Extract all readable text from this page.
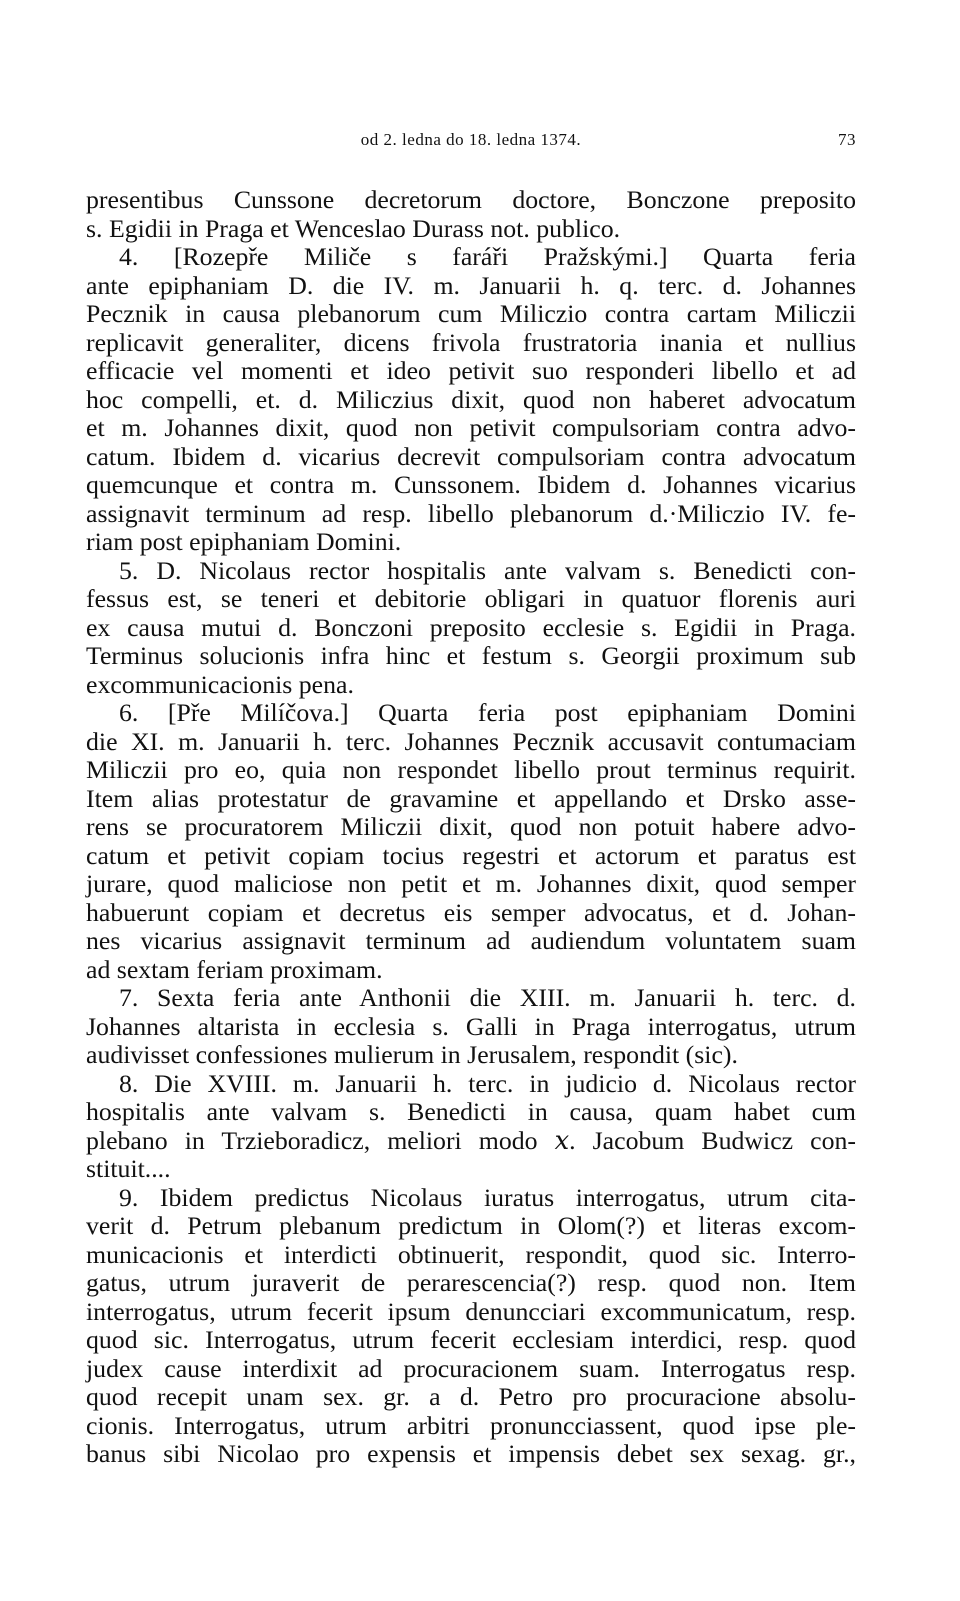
od 2. ledna do 18. ledna 1374.	73
presentibus Cunssone decretorum doctore, Bonczone preposito
s. Egidii in Praga et Wenceslao Durass not. publico.
4. [Rozepře Miliče s faráři Pražskými.] Quarta feria
ante epiphaniam D. die IV. m. Januarii h. q. terc. d. Johannes
Pecznik in causa plebanorum cum Miliczio contra cartam Miliczii
replicavit generaliter, dicens frivola frustratoria inania et nullius
efficacie vel momenti et ideo petivit suo responderi libello et ad
hoc compelli, et. d. Miliczius dixit, quod non haberet advocatum
et m. Johannes dixit, quod non petivit compulsoriam contra advo-
catum. Ibidem d. vicarius decrevit compulsoriam contra advocatum
quemcunque et contra m. Cunssonem. Ibidem d. Johannes vicarius
assignavit terminum ad resp. libello plebanorum d.·Miliczio IV. fe-
riam post epiphaniam Domini.
5. D. Nicolaus rector hospitalis ante valvam s. Benedicti con-
fessus est, se teneri et debitorie obligari in quatuor florenis auri
ex causa mutui d. Bonczoni preposito ecclesie s. Egidii in Praga.
Terminus solucionis infra hinc et festum s. Georgii proximum sub
excommunicacionis pena.
6. [Pře Milíčova.] Quarta feria post epiphaniam Domini
die XI. m. Januarii h. terc. Johannes Pecznik accusavit contumaciam
Miliczii pro eo, quia non respondet libello prout terminus requirit.
Item alias protestatur de gravamine et appellando et Drsko asse-
rens se procuratorem Miliczii dixit, quod non potuit habere advo-
catum et petivit copiam tocius regestri et actorum et paratus est
jurare, quod maliciose non petit et m. Johannes dixit, quod semper
habuerunt copiam et decretus eis semper advocatus, et d. Johan-
nes vicarius assignavit terminum ad audiendum voluntatem suam
ad sextam feriam proximam.
7. Sexta feria ante Anthonii die XIII. m. Januarii h. terc. d.
Johannes altarista in ecclesia s. Galli in Praga interrogatus, utrum
audivisset confessiones mulierum in Jerusalem, respondit (sic).
8. Die XVIII. m. Januarii h. terc. in judicio d. Nicolaus rector
hospitalis ante valvam s. Benedicti in causa, quam habet cum
plebano in Trzieboradicz, meliori modo 𝑥. Jacobum Budwicz con-
stituit....
9. Ibidem predictus Nicolaus iuratus interrogatus, utrum cita-
verit d. Petrum plebanum predictum in Olom(?) et literas excom-
municacionis et interdicti obtinuerit, respondit, quod sic. Interro-
gatus, utrum juraverit de perarescencia(?) resp. quod non. Item
interrogatus, utrum fecerit ipsum denuncciari excommunicatum, resp.
quod sic. Interrogatus, utrum fecerit ecclesiam interdici, resp. quod
judex cause interdixit ad procuracionem suam. Interrogatus resp.
quod recepit unam sex. gr. a d. Petro pro procuracione absolu-
cionis. Interrogatus, utrum arbitri pronuncciassent, quod ipse ple-
banus sibi Nicolao pro expensis et impensis debet sex sexag. gr.,
